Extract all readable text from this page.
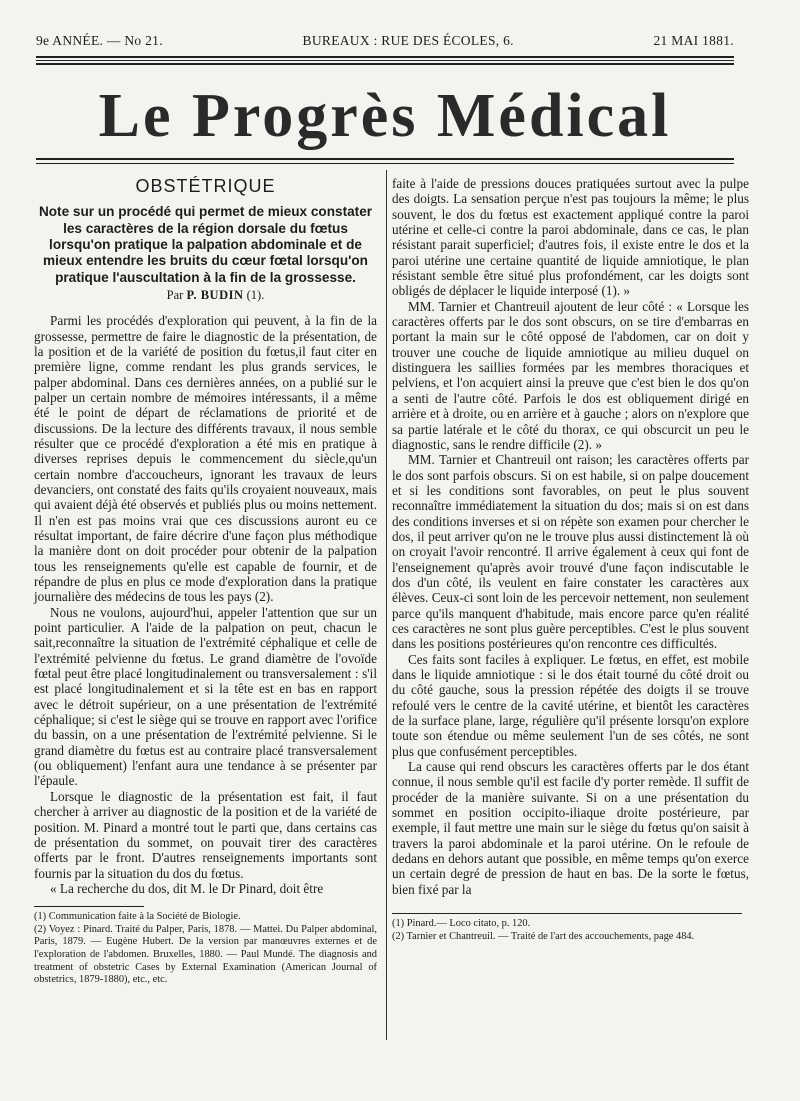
9e ANNÉE. — No 21.	BUREAUX : RUE DES ÉCOLES, 6.	21 MAI 1881.
Le Progrès Médical
OBSTÉTRIQUE
Note sur un procédé qui permet de mieux constater les caractères de la région dorsale du fœtus lorsqu'on pratique la palpation abdominale et de mieux entendre les bruits du cœur fœtal lorsqu'on pratique l'auscultation à la fin de la grossesse.
Par P. BUDIN (1).

Parmi les procédés d'exploration qui peuvent, à la fin de la grossesse, permettre de faire le diagnostic de la présentation, de la position et de la variété de position du fœtus,il faut citer en première ligne, comme rendant les plus grands services, le palper abdominal. Dans ces dernières années, on a publié sur le palper un certain nombre de mémoires intéressants, il a même été le point de départ de réclamations de priorité et de discussions. De la lecture des différents travaux, il nous semble résulter que ce procédé d'exploration a été mis en pratique à diverses reprises depuis le commencement du siècle,qu'un certain nombre d'accoucheurs, ignorant les travaux de leurs devanciers, ont constaté des faits qu'ils croyaient nouveaux, mais qui avaient déjà été observés et publiés plus ou moins nettement. Il n'en est pas moins vrai que ces discussions auront eu ce résultat important, de faire décrire d'une façon plus méthodique la manière dont on doit procéder pour obtenir de la palpation tous les renseignements qu'elle est capable de fournir, et de répandre de plus en plus ce mode d'exploration dans la pratique journalière des médecins de tous les pays (2).

Nous ne voulons, aujourd'hui, appeler l'attention que sur un point particulier. A l'aide de la palpation on peut, chacun le sait,reconnaître la situation de l'extrémité céphalique et celle de l'extrémité pelvienne du fœtus. Le grand diamètre de l'ovoïde fœtal peut être placé longitudinalement ou transversalement : s'il est placé longitudinalement et si la tête est en bas en rapport avec le détroit supérieur, on a une présentation de l'extrémité céphalique; si c'est le siège qui se trouve en rapport avec l'orifice du bassin, on a une présentation de l'extrémité pelvienne. Si le grand diamètre du fœtus est au contraire placé transversalement (ou obliquement) l'enfant aura une tendance à se présenter par l'épaule.

Lorsque le diagnostic de la présentation est fait, il faut chercher à arriver au diagnostic de la position et de la variété de position. M. Pinard a montré tout le parti que, dans certains cas de présentation du sommet, on pouvait tirer des caractères offerts par le front. D'autres renseignements importants sont fournis par la situation du dos du fœtus.

« La recherche du dos, dit M. le Dr Pinard, doit être

(1) Communication faite à la Société de Biologie.
(2) Voyez : Pinard. Traité du Palper, Paris, 1878. — Mattei. Du Palper abdominal, Paris, 1879. — Eugène Hubert. De la version par manœuvres externes et de l'exploration de l'abdomen. Bruxelles, 1880. — Paul Mundé. The diagnosis and treatment of obstetric Cases by External Examination (American Journal of obstetrics, 1879-1880), etc., etc.

faite à l'aide de pressions douces pratiquées surtout avec la pulpe des doigts. La sensation perçue n'est pas toujours la même; le plus souvent, le dos du fœtus est exactement appliqué contre la paroi utérine et celle-ci contre la paroi abdominale, dans ce cas, le plan résistant parait superficiel; d'autres fois, il existe entre le dos et la paroi utérine une certaine quantité de liquide amniotique, le plan résistant semble être situé plus profondément, car les doigts sont obligés de déplacer le liquide interposé (1). »

MM. Tarnier et Chantreuil ajoutent de leur côté : « Lorsque les caractères offerts par le dos sont obscurs, on se tire d'embarras en portant la main sur le côté opposé de l'abdomen, car on doit y trouver une couche de liquide amniotique au milieu duquel on distinguera les saillies formées par les membres thoraciques et pelviens, et l'on acquiert ainsi la preuve que c'est bien le dos qu'on a senti de l'autre côté. Parfois le dos est obliquement dirigé en arrière et à droite, ou en arrière et à gauche ; alors on n'explore que sa partie latérale et le côté du thorax, ce qui obscurcit un peu le diagnostic, sans le rendre difficile (2). »

MM. Tarnier et Chantreuil ont raison; les caractères offerts par le dos sont parfois obscurs. Si on est habile, si on palpe doucement et si les conditions sont favorables, on peut le plus souvent reconnaître immédiatement la situation du dos; mais si on est dans des conditions inverses et si on répète son examen pour chercher le dos, il peut arriver qu'on ne le trouve plus aussi distinctement là où on croyait l'avoir rencontré. Il arrive également à ceux qui font de l'enseignement qu'après avoir trouvé d'une façon indiscutable le dos d'un côté, ils veulent en faire constater les caractères aux élèves. Ceux-ci sont loin de les percevoir nettement, non seulement parce qu'ils manquent d'habitude, mais encore parce qu'en réalité ces caractères ne sont plus guère perceptibles. C'est le plus souvent dans les positions postérieures qu'on rencontre ces difficultés.

Ces faits sont faciles à expliquer. Le fœtus, en effet, est mobile dans le liquide amniotique : si le dos était tourné du côté droit ou du côté gauche, sous la pression répétée des doigts il se trouve refoulé vers le centre de la cavité utérine, et bientôt les caractères de la surface plane, large, régulière qu'il présente lorsqu'on explore toute son étendue ou même seulement l'un de ses côtés, ne sont plus que confusément perceptibles.

La cause qui rend obscurs les caractères offerts par le dos étant connue, il nous semble qu'il est facile d'y porter remède. Il suffit de procéder de la manière suivante. Si on a une présentation du sommet en position occipito-iliaque droite postérieure, par exemple, il faut mettre une main sur le siège du fœtus qu'on saisit à travers la paroi abdominale et la paroi utérine. On le refoule de dedans en dehors autant que possible, en même temps qu'on exerce un certain degré de pression de haut en bas. De la sorte le fœtus, bien fixé par la

(1) Pinard.— Loco citato, p. 120.
(2) Tarnier et Chantreuil. — Traité de l'art des accouchements, page 484.
